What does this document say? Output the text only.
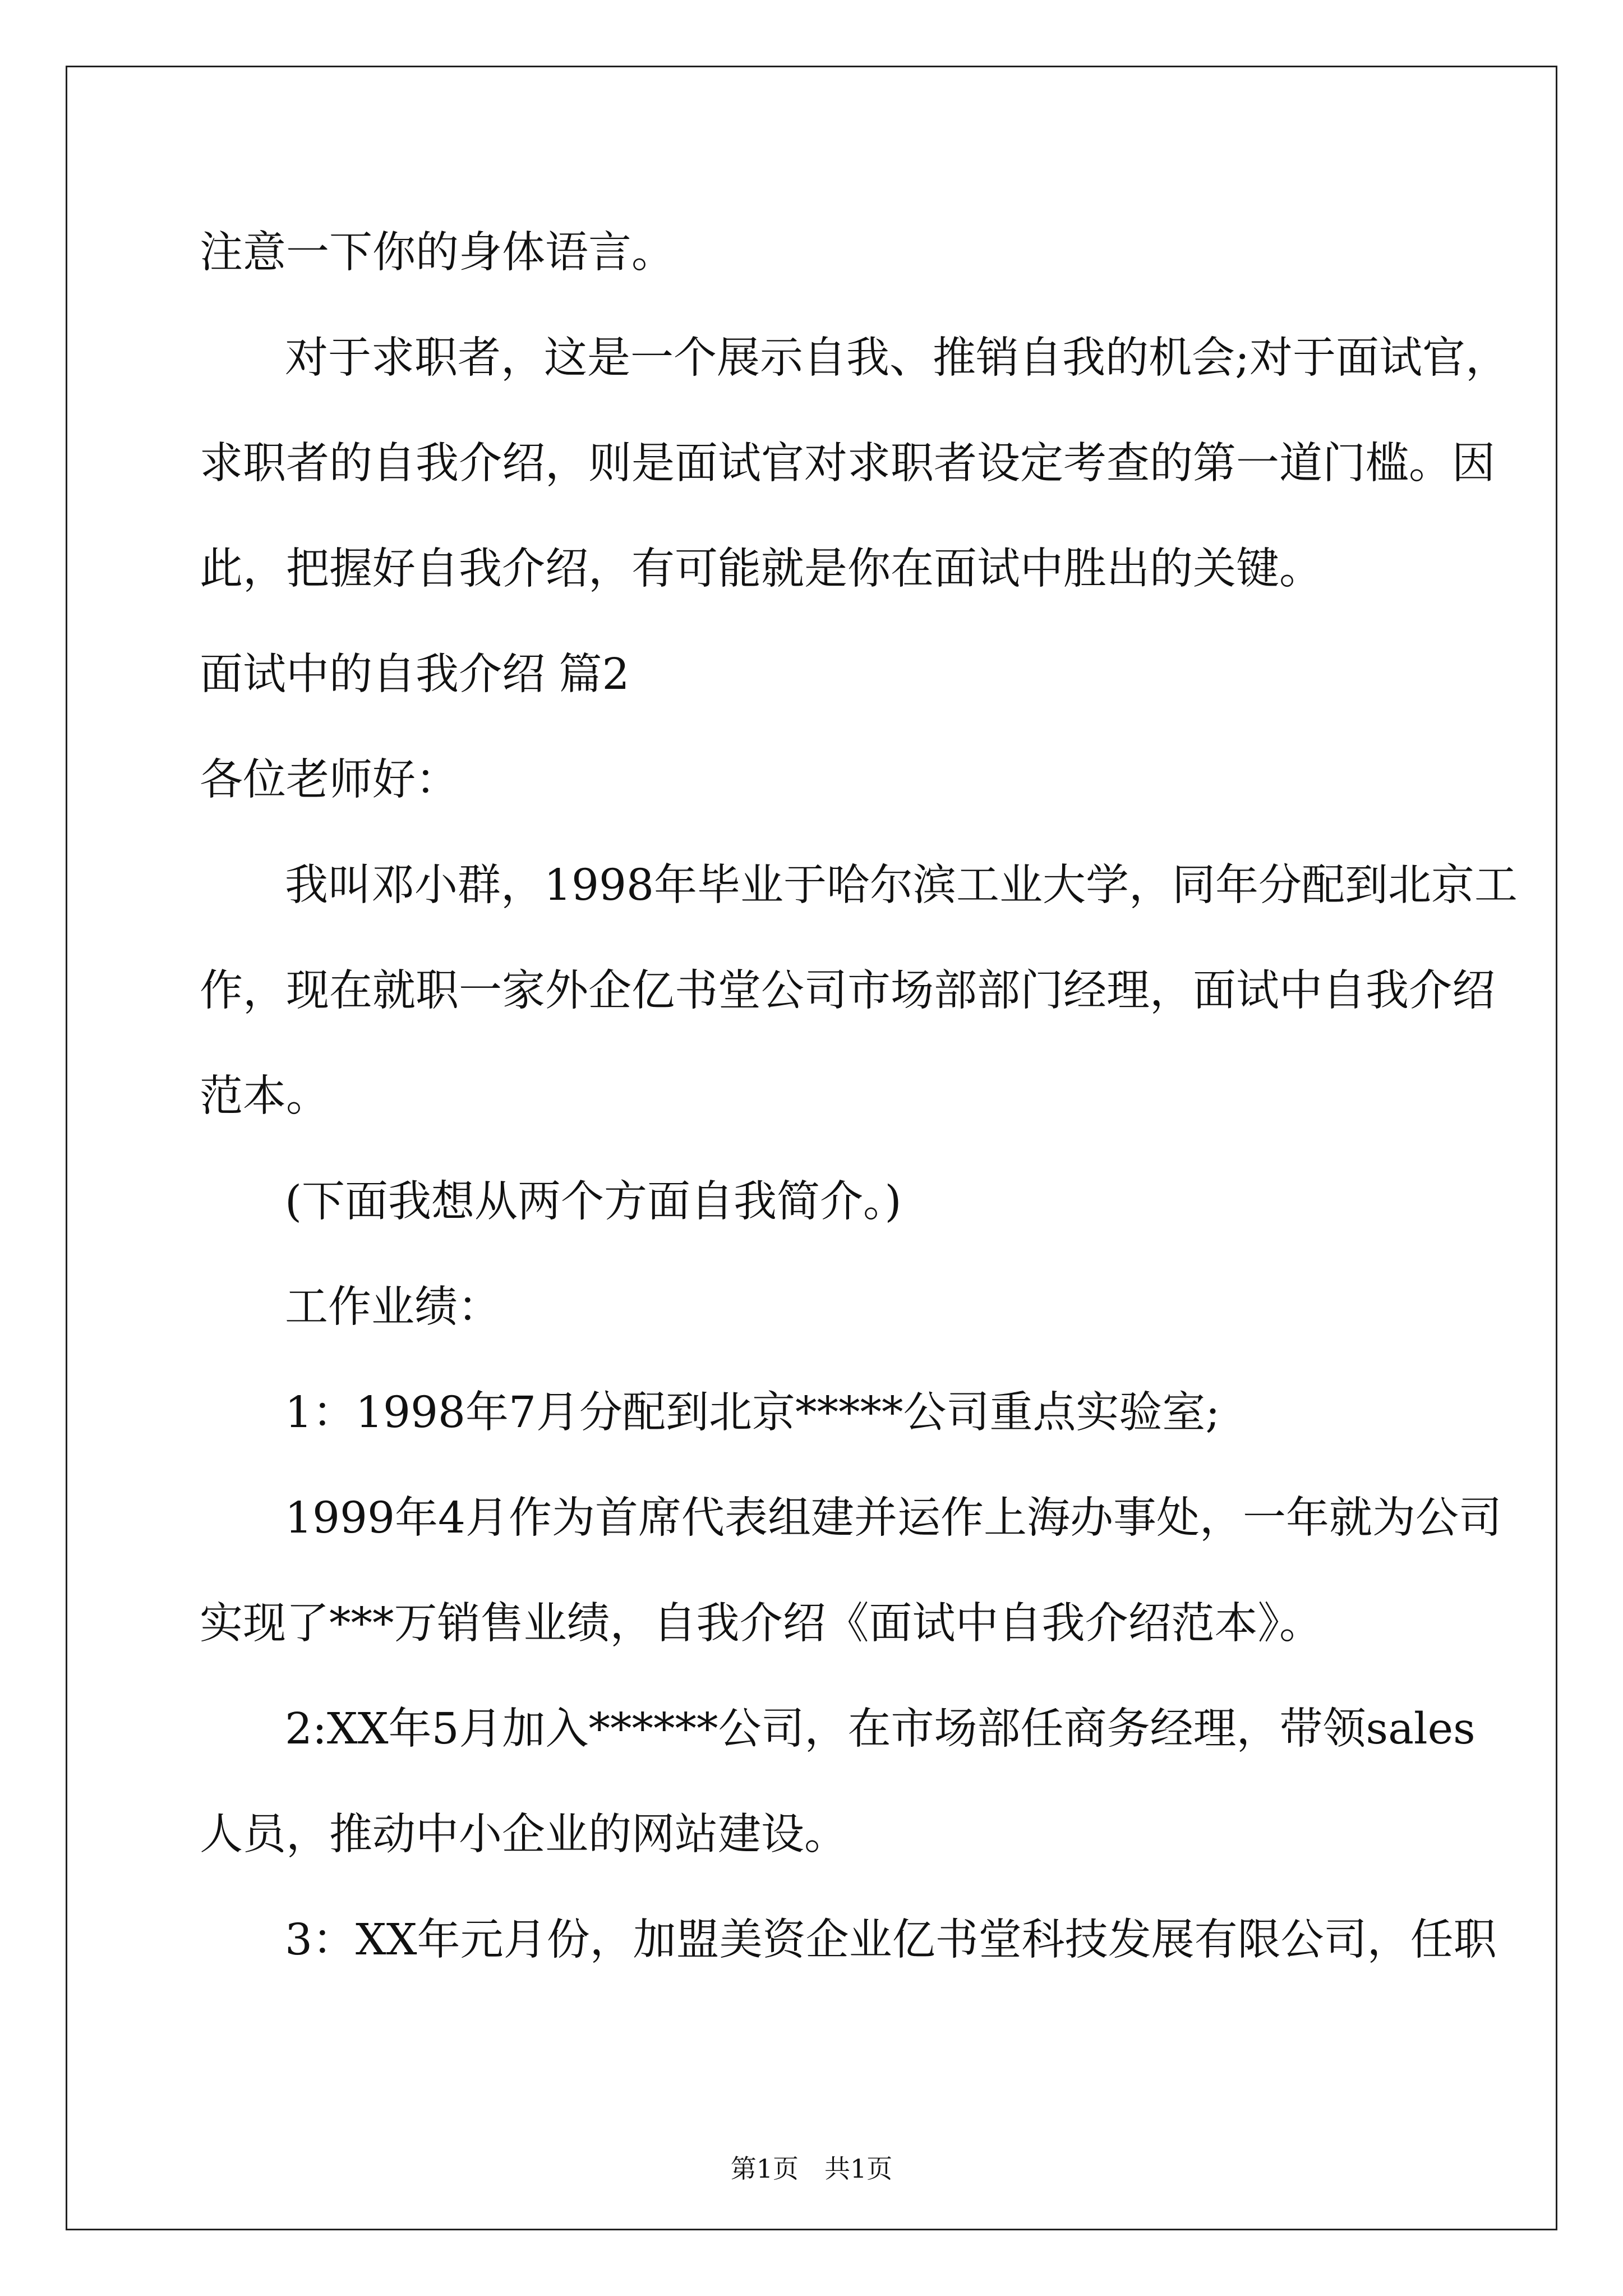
注意一下你的身体语言。
对于求职者，这是一个展示自我、推销自我的机会;对于面试官，
求职者的自我介绍，则是面试官对求职者设定考查的第一道门槛。因
此，把握好自我介绍，有可能就是你在面试中胜出的关键。
面试中的自我介绍 篇2
各位老师好：
我叫邓小群，1998年毕业于哈尔滨工业大学，同年分配到北京工
作，现在就职一家外企亿书堂公司市场部部门经理，面试中自我介绍
范本。
(下面我想从两个方面自我简介。)
工作业绩：
1：1998年7月分配到北京*****公司重点实验室;
1999年4月作为首席代表组建并运作上海办事处，一年就为公司
实现了***万销售业绩，自我介绍《面试中自我介绍范本》。
2:XX年5月加入******公司，在市场部任商务经理，带领sales
人员，推动中小企业的网站建设。
3：XX年元月份，加盟美资企业亿书堂科技发展有限公司，任职
第1页　共1页
